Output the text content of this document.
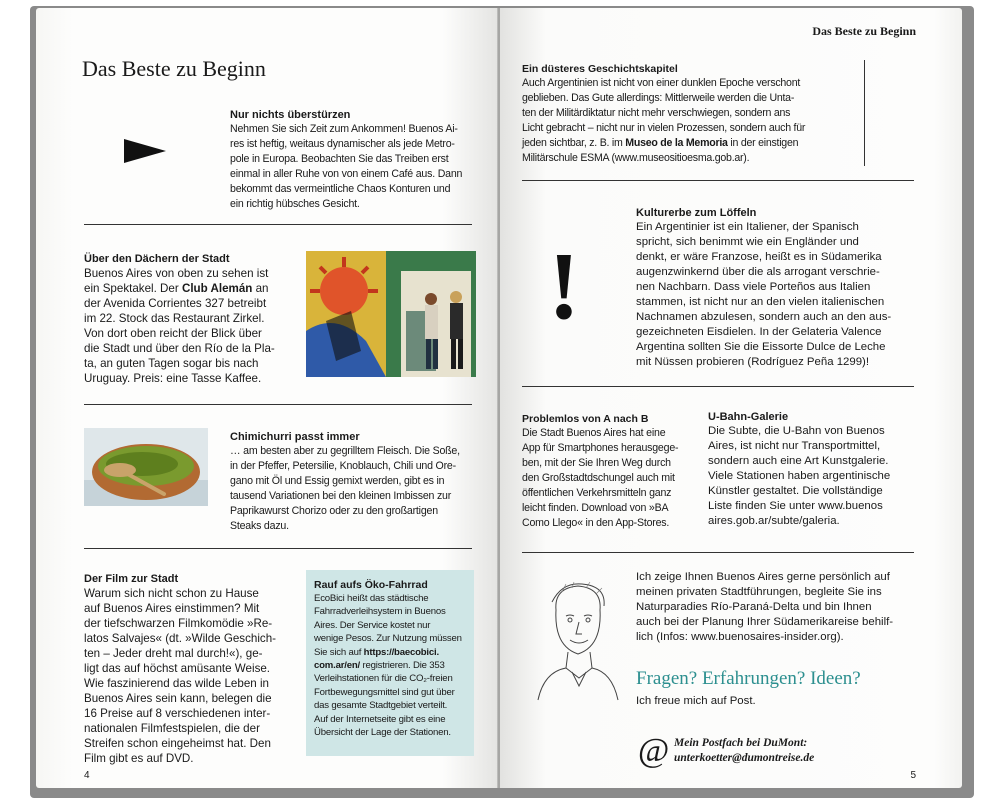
Das Beste zu Beginn
Nur nichts überstürzen
Nehmen Sie sich Zeit zum Ankommen! Buenos Ai-
res ist heftig, weitaus dynamischer als jede Metro-
pole in Europa. Beobachten Sie das Treiben erst
einmal in aller Ruhe von von einem Café aus. Dann
bekommt das vermeintliche Chaos Konturen und
ein richtig hübsches Gesicht.
Über den Dächern der Stadt
Buenos Aires von oben zu sehen ist
ein Spektakel. Der Club Alemán an
der Avenida Corrientes 327 betreibt
im 22. Stock das Restaurant Zirkel.
Von dort oben reicht der Blick über
die Stadt und über den Río de la Pla-
ta, an guten Tagen sogar bis nach
Uruguay. Preis: eine Tasse Kaffee.
Chimichurri passt immer
… am besten aber zu gegrilltem Fleisch. Die Soße,
in der Pfeffer, Petersilie, Knoblauch, Chili und Ore-
gano mit Öl und Essig gemixt werden, gibt es in
tausend Variationen bei den kleinen Imbissen zur
Paprikawurst Chorizo oder zu den großartigen
Steaks dazu.
Der Film zur Stadt
Warum sich nicht schon zu Hause
auf Buenos Aires einstimmen? Mit
der tiefschwarzen Filmkomödie »Re-
latos Salvajes« (dt. »Wilde Geschich-
ten – Jeder dreht mal durch!«), ge-
ligt das auf höchst amüsante Weise.
Wie faszinierend das wilde Leben in
Buenos Aires sein kann, belegen die
16 Preise auf 8 verschiedenen inter-
nationalen Filmfestspielen, die der
Streifen schon eingeheimst hat. Den
Film gibt es auf DVD.
Rauf aufs Öko-Fahrrad
EcoBici heißt das städtische
Fahrradverleihsystem in Buenos
Aires. Der Service kostet nur
wenige Pesos. Zur Nutzung müssen
Sie sich auf https://baecobici.
com.ar/en/ registrieren. Die 353
Verleihstationen für die CO₂-freien
Fortbewegungsmittel sind gut über
das gesamte Stadtgebiet verteilt.
Auf der Internetseite gibt es eine
Übersicht der Lage der Stationen.
4
Das Beste zu Beginn
Ein düsteres Geschichtskapitel
Auch Argentinien ist nicht von einer dunklen Epoche verschont
geblieben. Das Gute allerdings: Mittlerweile werden die Unta-
ten der Militärdiktatur nicht mehr verschwiegen, sondern ans
Licht gebracht – nicht nur in vielen Prozessen, sondern auch für
jeden sichtbar, z. B. im Museo de la Memoria in der einstigen
Militärschule ESMA (www.museositioesma.gob.ar).
!
Kulturerbe zum Löffeln
Ein Argentinier ist ein Italiener, der Spanisch
spricht, sich benimmt wie ein Engländer und
denkt, er wäre Franzose, heißt es in Südamerika
augenzwinkernd über die als arrogant verschrie-
nen Nachbarn. Dass viele Porteños aus Italien
stammen, ist nicht nur an den vielen italienischen
Nachnamen abzulesen, sondern auch an den aus-
gezeichneten Eisdielen. In der Gelateria Valence
Argentina sollten Sie die Eissorte Dulce de Leche
mit Nüssen probieren (Rodríguez Peña 1299)!
Problemlos von A nach B
Die Stadt Buenos Aires hat eine
App für Smartphones herausgege-
ben, mit der Sie Ihren Weg durch
den Großstadtdschungel auch mit
öffentlichen Verkehrsmitteln ganz
leicht finden. Download von »BA
Como Llego« in den App-Stores.
U-Bahn-Galerie
Die Subte, die U-Bahn von Buenos
Aires, ist nicht nur Transportmittel,
sondern auch eine Art Kunstgalerie.
Viele Stationen haben argentinische
Künstler gestaltet. Die vollständige
Liste finden Sie unter www.buenos
aires.gob.ar/subte/galeria.
Ich zeige Ihnen Buenos Aires gerne persönlich auf
meinen privaten Stadtführungen, begleite Sie ins
Naturparadies Río-Paraná-Delta und bin Ihnen
auch bei der Planung Ihrer Südamerikareise behilf-
lich (Infos: www.buenosaires-insider.org).
Fragen? Erfahrungen? Ideen?
Ich freue mich auf Post.
@ Mein Postfach bei DuMont:
unterkoetter@dumontreise.de
5
